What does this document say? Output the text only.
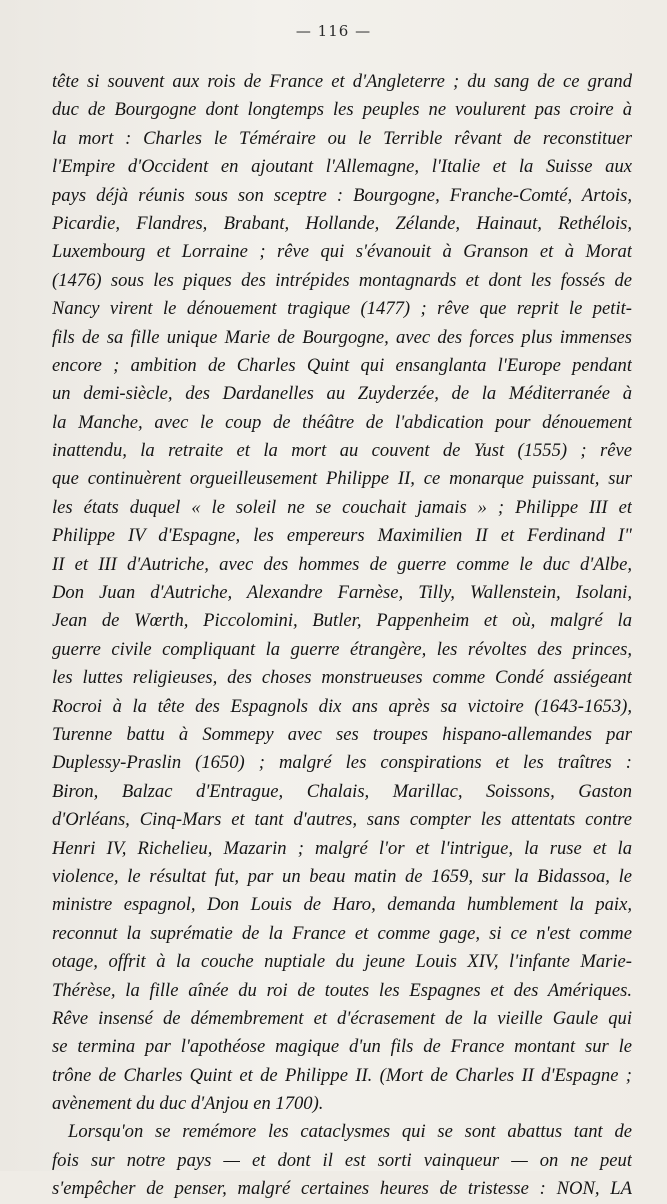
— 116 —
tête si souvent aux rois de France et d'Angleterre ; du sang de ce grand
duc de Bourgogne dont longtemps les peuples ne voulurent pas croire à
la mort : Charles le Téméraire ou le Terrible rêvant de reconstituer
l'Empire d'Occident en ajoutant l'Allemagne, l'Italie et la Suisse aux
pays déjà réunis sous son sceptre : Bourgogne, Franche-Comté, Artois,
Picardie, Flandres, Brabant, Hollande, Zélande, Hainaut, Rethélois,
Luxembourg et Lorraine ; rêve qui s'évanouit à Granson et à Morat
(1476) sous les piques des intrépides montagnards et dont les fossés de
Nancy virent le dénouement tragique (1477) ; rêve que reprit le petit-
fils de sa fille unique Marie de Bourgogne, avec des forces plus immenses
encore ; ambition de Charles Quint qui ensanglanta l'Europe pendant
un demi-siècle, des Dardanelles au Zuyderzée, de la Méditerranée à
la Manche, avec le coup de théâtre de l'abdication pour dénouement
inattendu, la retraite et la mort au couvent de Yust (1555) ; rêve
que continuèrent orgueilleusement Philippe II, ce monarque puissant, sur
les états duquel « le soleil ne se couchait jamais » ; Philippe III et
Philippe IV d'Espagne, les empereurs Maximilien II et Ferdinand I"
II et III d'Autriche, avec des hommes de guerre comme le duc d'Albe,
Don Juan d'Autriche, Alexandre Farnèse, Tilly, Wallenstein, Isolani,
Jean de Wœrth, Piccolomini, Butler, Pappenheim et où, malgré la
guerre civile compliquant la guerre étrangère, les révoltes des princes,
les luttes religieuses, des choses monstrueuses comme Condé assiégeant
Rocroi à la tête des Espagnols dix ans après sa victoire (1643-1653),
Turenne battu à Sommepy avec ses troupes hispano-allemandes par
Duplessy-Praslin (1650) ; malgré les conspirations et les traîtres :
Biron, Balzac d'Entrague, Chalais, Marillac, Soissons, Gaston
d'Orléans, Cinq-Mars et tant d'autres, sans compter les attentats contre
Henri IV, Richelieu, Mazarin ; malgré l'or et l'intrigue, la ruse et la
violence, le résultat fut, par un beau matin de 1659, sur la Bidassoa, le
ministre espagnol, Don Louis de Haro, demanda humblement la paix,
reconnut la suprématie de la France et comme gage, si ce n'est comme
otage, offrit à la couche nuptiale du jeune Louis XIV, l'infante Marie-
Thérèse, la fille aînée du roi de toutes les Espagnes et des Amériques.
Rêve insensé de démembrement et d'écrasement de la vieille Gaule qui
se termina par l'apothéose magique d'un fils de France montant sur le
trône de Charles Quint et de Philippe II. (Mort de Charles II d'Espagne ;
avènement du duc d'Anjou en 1700).
Lorsqu'on se remémore les cataclysmes qui se sont abattus tant de
fois sur notre pays — et dont il est sorti vainqueur — on ne peut
s'empêcher de penser, malgré certaines heures de tristesse : NON, LA
